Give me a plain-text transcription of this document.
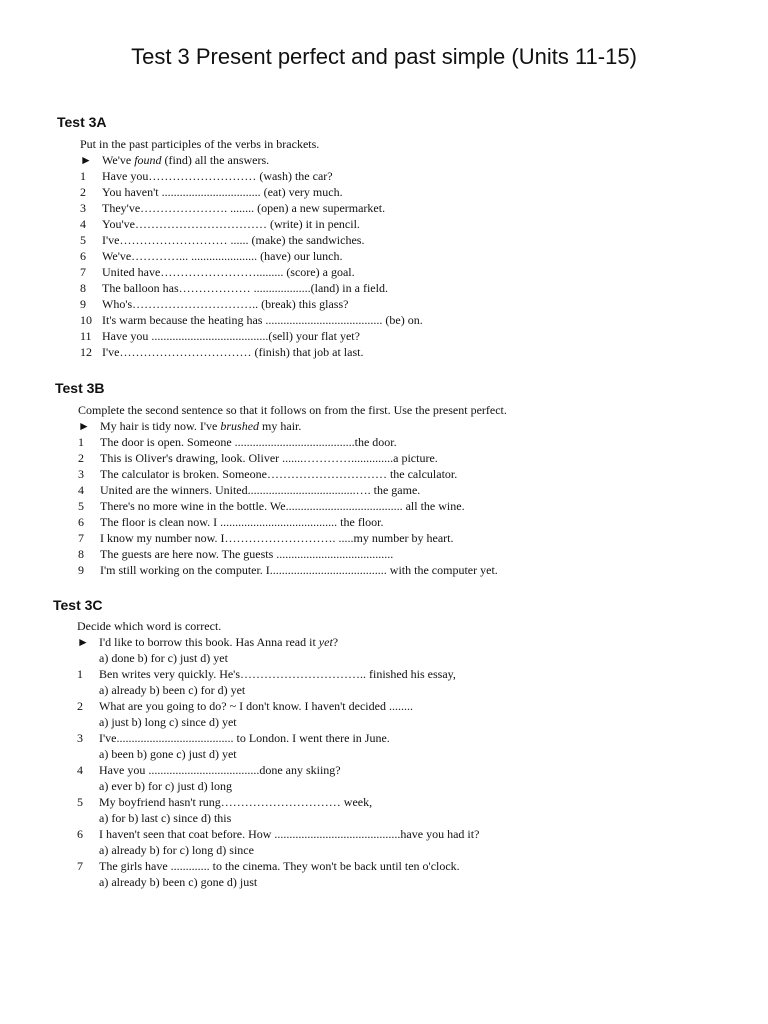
Test 3 Present perfect and past simple (Units 11-15)
Test 3A
Put in the past participles of the verbs in brackets.
► We've found (find) all the answers.
1 Have you……………………… (wash) the car?
2 You haven't ................................. (eat) very much.
3 They've…………………. ........ (open) a new supermarket.
4 You've…………………………… (write) it in pencil.
5 I've……………………… ...... (make) the sandwiches.
6 We've…………... ...................... (have) our lunch.
7 United have……………………......... (score) a goal.
8 The balloon has……………… ...................(land) in a field.
9 Who's………………………….. (break) this glass?
10 It's warm because the heating has ....................................... (be) on.
11 Have you .......................................(sell) your flat yet?
12 I've…………………………… (finish) that job at last.
Test 3B
Complete the second sentence so that it follows on from the first. Use the present perfect.
► My hair is tidy now. I've brushed my hair.
1 The door is open. Someone ........................................the door.
2 This is Oliver's drawing, look. Oliver .......…………..............a picture.
3 The calculator is broken. Someone………………………… the calculator.
4 United are the winners. United....................................…. the game.
5 There's no more wine in the bottle. We....................................... all the wine.
6 The floor is clean now. I ....................................... the floor.
7 I know my number now. I………………………. .....my number by heart.
8 The guests are here now. The guests .......................................
9 I'm still working on the computer. I....................................... with the computer yet.
Test 3C
Decide which word is correct.
► I'd like to borrow this book. Has Anna read it yet?
a) done b) for c) just d) yet
1 Ben writes very quickly. He's………………………….. finished his essay,
a) already b) been c) for d) yet
2 What are you going to do? ~ I don't know. I haven't decided ........
a) just b) long c) since d) yet
3 I've....................................... to London. I went there in June.
a) been b) gone c) just d) yet
4 Have you .....................................done any skiing?
a) ever b) for c) just d) long
5 My boyfriend hasn't rung………………………… week,
a) for b) last c) since d) this
6 I haven't seen that coat before. How ..........................................have you had it?
a) already b) for c) long d) since
7 The girls have ............. to the cinema. They won't be back until ten o'clock.
a) already b) been c) gone d) just
